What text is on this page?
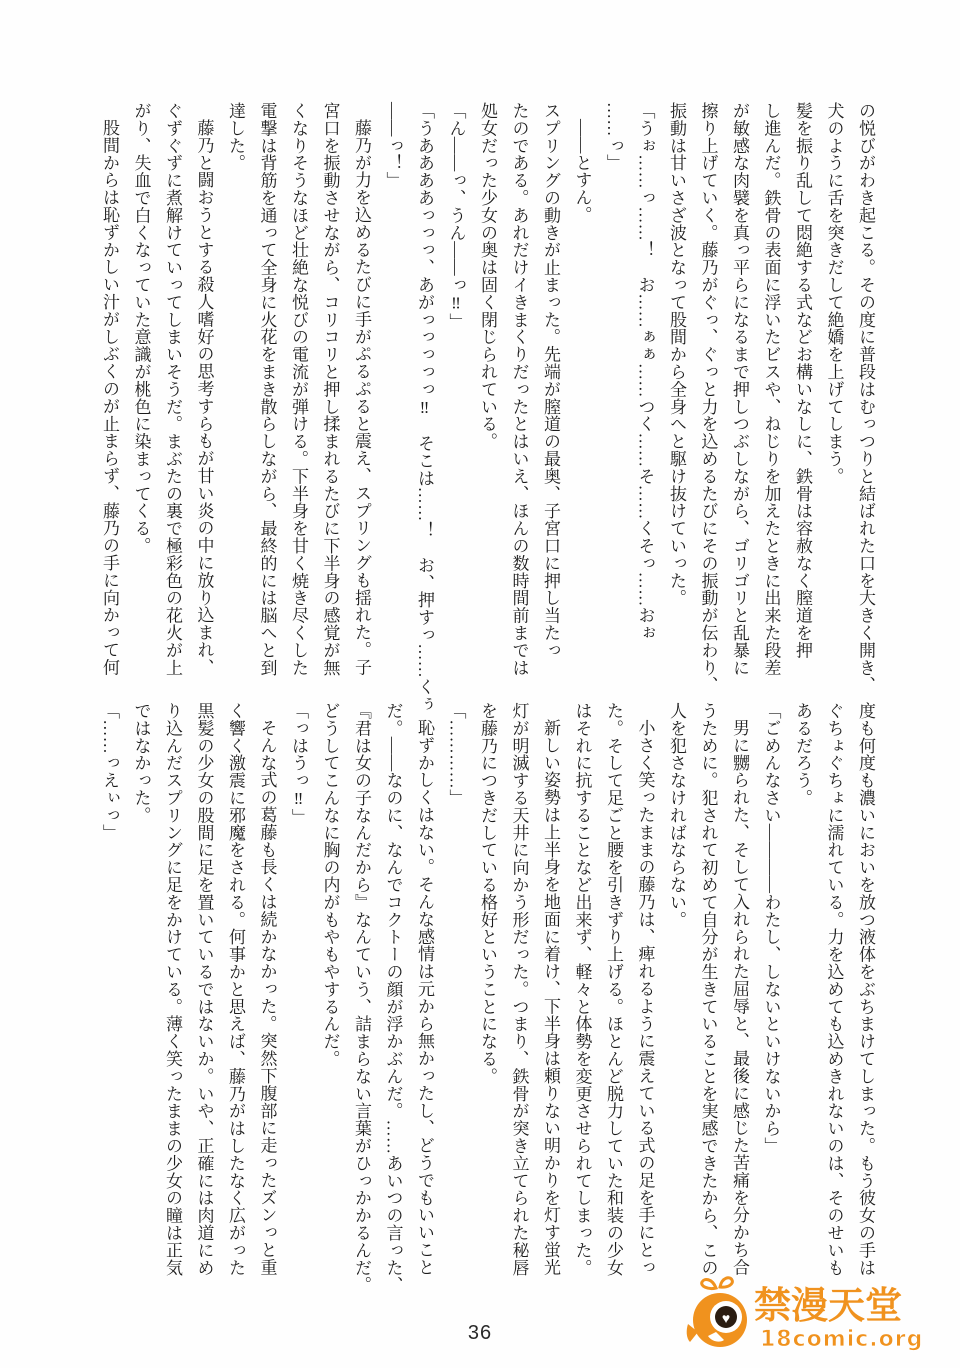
の悦びがわき起こる。その度に普段はむっつりと結ばれた口を大きく開き、
犬のように舌を突きだして絶嬌を上げてしまう。
髪を振り乱して悶絶する式などお構いなしに、鉄骨は容赦なく膣道を押
し進んだ。鉄骨の表面に浮いたビスや、ねじりを加えたときに出来た段差
が敏感な肉襞を真っ平らになるまで押しつぶしながら、ゴリゴリと乱暴に
擦り上げていく。藤乃がぐっ、ぐっと力を込めるたびにその振動が伝わり、
振動は甘いさざ波となって股間から全身へと駆け抜けていった。
「うぉ……っ……！　お……ぁぁ……つく……そ……くそっ……おぉ
……っ」
――とすん。
スプリングの動きが止まった。先端が膣道の最奥、子宮口に押し当たっ
たのである。あれだけイきまくりだったとはいえ、ほんの数時間前までは
処女だった少女の奥は固く閉じられている。
「ん――っ、うん――っ‼」
「うああああっっっ、あがっっっっっ‼　そこは……！　お、押すっ……くぅ
――っ！」
藤乃が力を込めるたびに手がぷるぷると震え、スプリングも揺れた。子
宮口を振動させながら、コリコリと押し揉まれるたびに下半身の感覚が無
くなりそうなほど壮絶な悦びの電流が弾ける。下半身を甘く焼き尽くした
電撃は背筋を通って全身に火花をまき散らしながら、最終的には脳へと到
達した。
藤乃と闘おうとする殺人嗜好の思考すらもが甘い炎の中に放り込まれ、
ぐずぐずに煮解けていってしまいそうだ。まぶたの裏で極彩色の花火が上
がり、失血で白くなっていた意識が桃色に染まってくる。
股間からは恥ずかしい汁がしぶくのが止まらず、藤乃の手に向かって何
度も何度も濃いにおいを放つ液体をぶちまけてしまった。もう彼女の手は
ぐちょぐちょに濡れている。力を込めても込めきれないのは、そのせいも
あるだろう。
「ごめんなさい――――わたし、しないといけないから」
男に嬲られた、そして入れられた屈辱と、最後に感じた苦痛を分かち合
うために。犯されて初めて自分が生きていることを実感できたから、この
人を犯さなければならない。
小さく笑ったままの藤乃は、痺れるように震えている式の足を手にとっ
た。そして足ごと腰を引きずり上げる。ほとんど脱力していた和装の少女
はそれに抗することなど出来ず、軽々と体勢を変更させられてしまった。
新しい姿勢は上半身を地面に着け、下半身は頼りない明かりを灯す蛍光
灯が明滅する天井に向かう形だった。つまり、鉄骨が突き立てられた秘唇
を藤乃につきだしている格好ということになる。
「…………」
恥ずかしくはない。そんな感情は元から無かったし、どうでもいいこと
だ。――なのに、なんでコクトーの顔が浮かぶんだ。……あいつの言った、
『君は女の子なんだから』なんていう、詰まらない言葉がひっかかるんだ。
どうしてこんなに胸の内がもやもやするんだ。
「っはうっ‼」
そんな式の葛藤も長くは続かなかった。突然下腹部に走ったズンっと重
く響く激震に邪魔をされる。何事かと思えば、藤乃がはしたなく広がった
黒髪の少女の股間に足を置いているではないか。いや、正確には肉道にめ
り込んだスプリングに足をかけている。薄く笑ったままの少女の瞳は正気
ではなかった。
「……っえぃっ」
36
♥ 禁漫天堂
18comic.org
